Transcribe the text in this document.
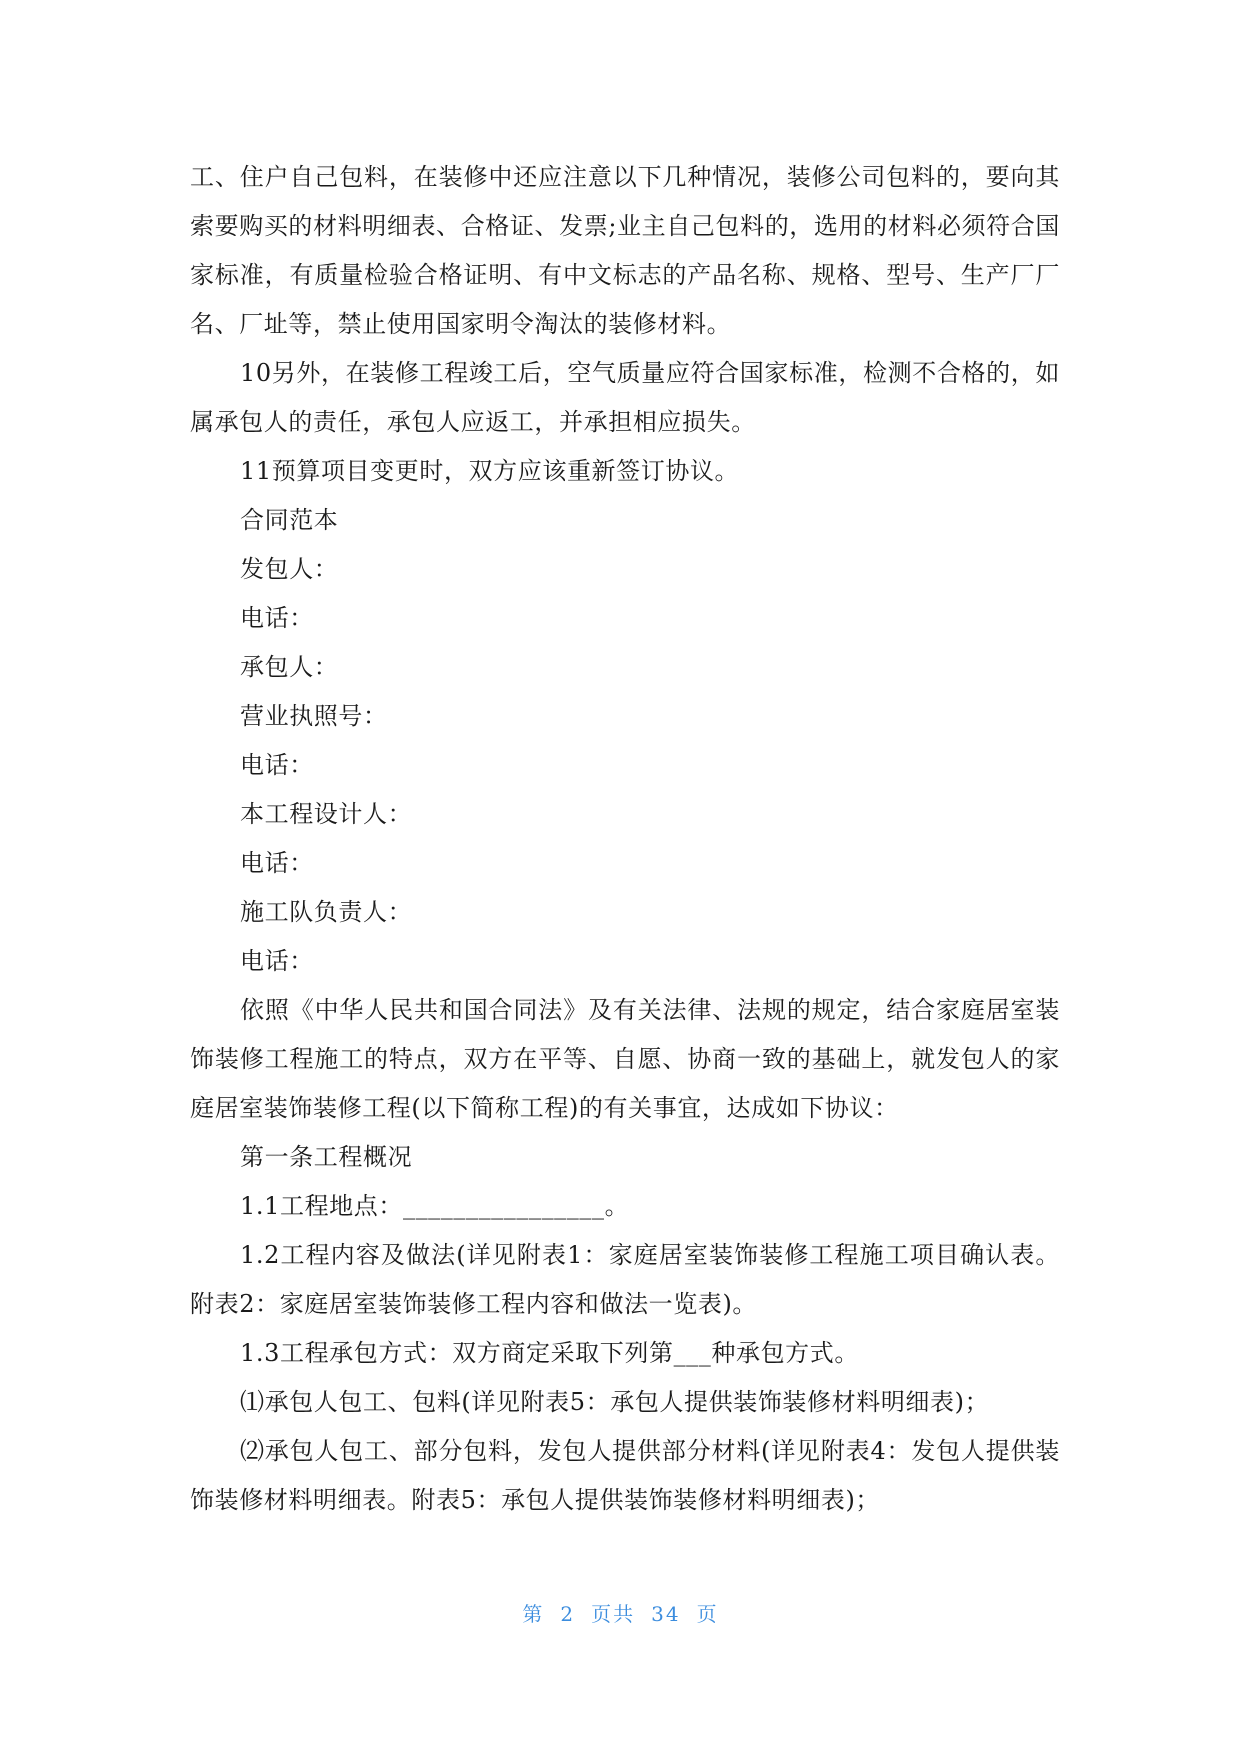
工、住户自己包料，在装修中还应注意以下几种情况，装修公司包料的，要向其索要购买的材料明细表、合格证、发票;业主自己包料的，选用的材料必须符合国家标准，有质量检验合格证明、有中文标志的产品名称、规格、型号、生产厂厂名、厂址等，禁止使用国家明令淘汰的装修材料。

10另外，在装修工程竣工后，空气质量应符合国家标准，检测不合格的，如属承包人的责任，承包人应返工，并承担相应损失。

11预算项目变更时，双方应该重新签订协议。

合同范本

发包人：

电话：

承包人：

营业执照号：

电话：

本工程设计人：

电话：

施工队负责人：

电话：

依照《中华人民共和国合同法》及有关法律、法规的规定，结合家庭居室装饰装修工程施工的特点，双方在平等、自愿、协商一致的基础上，就发包人的家庭居室装饰装修工程(以下简称工程)的有关事宜，达成如下协议：

第一条工程概况

1.1工程地点：________________。

1.2工程内容及做法(详见附表1：家庭居室装饰装修工程施工项目确认表。附表2：家庭居室装饰装修工程内容和做法一览表)。

1.3工程承包方式：双方商定采取下列第___种承包方式。

⑴承包人包工、包料(详见附表5：承包人提供装饰装修材料明细表)；

⑵承包人包工、部分包料，发包人提供部分材料(详见附表4：发包人提供装饰装修材料明细表。附表5：承包人提供装饰装修材料明细表)；

第 2 页共 34 页
